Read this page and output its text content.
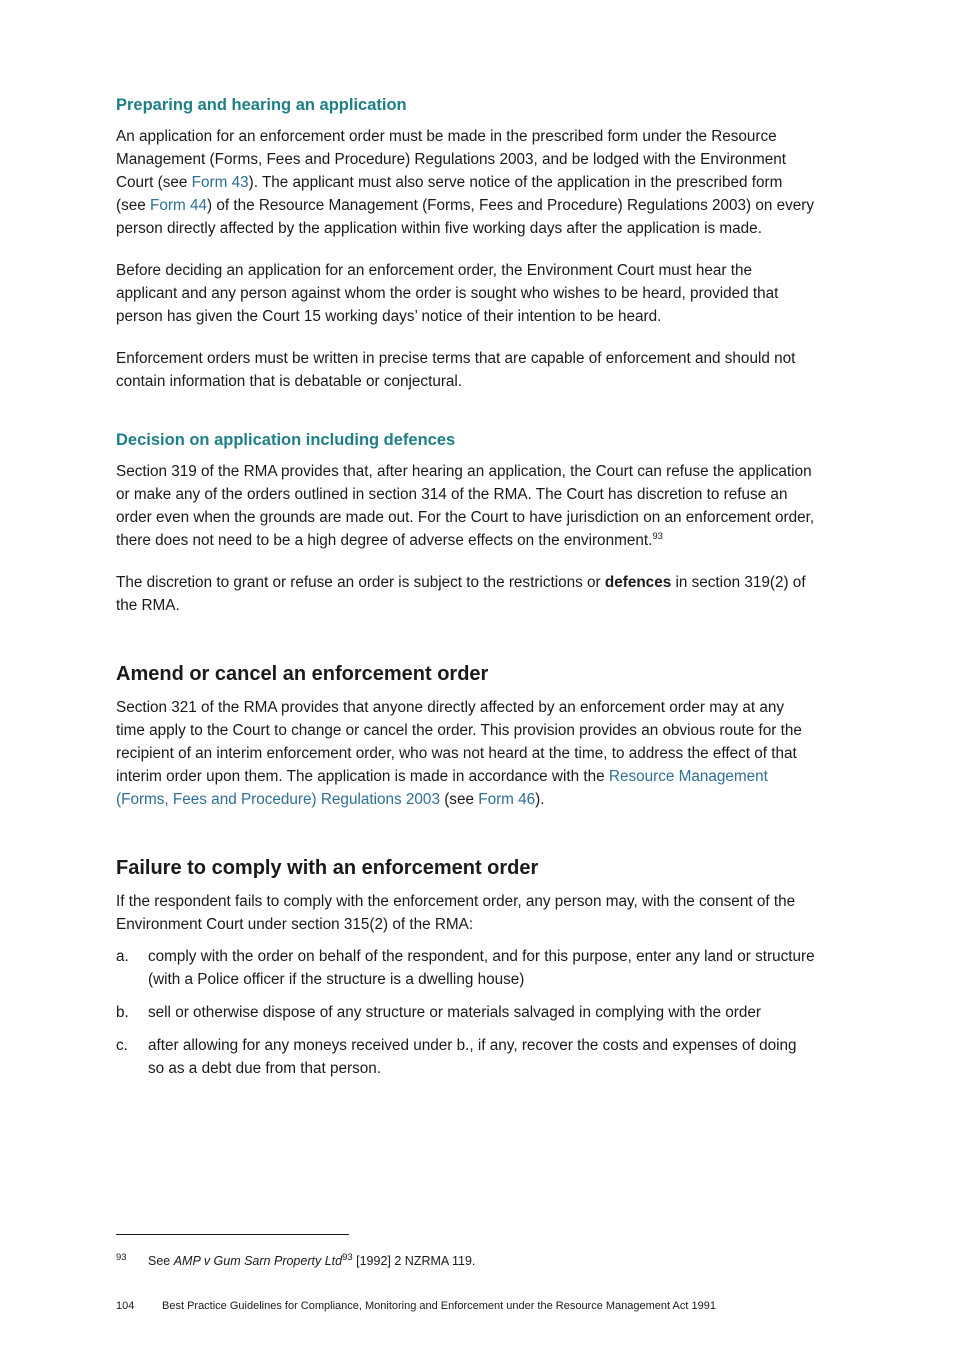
Preparing and hearing an application

An application for an enforcement order must be made in the prescribed form under the Resource Management (Forms, Fees and Procedure) Regulations 2003, and be lodged with the Environment Court (see Form 43). The applicant must also serve notice of the application in the prescribed form (see Form 44) of the Resource Management (Forms, Fees and Procedure) Regulations 2003) on every person directly affected by the application within five working days after the application is made.

Before deciding an application for an enforcement order, the Environment Court must hear the applicant and any person against whom the order is sought who wishes to be heard, provided that person has given the Court 15 working days’ notice of their intention to be heard.

Enforcement orders must be written in precise terms that are capable of enforcement and should not contain information that is debatable or conjectural.

Decision on application including defences

Section 319 of the RMA provides that, after hearing an application, the Court can refuse the application or make any of the orders outlined in section 314 of the RMA. The Court has discretion to refuse an order even when the grounds are made out. For the Court to have jurisdiction on an enforcement order, there does not need to be a high degree of adverse effects on the environment.$^{93}$

The discretion to grant or refuse an order is subject to the restrictions or defences in section 319(2) of the RMA.

Amend or cancel an enforcement order

Section 321 of the RMA provides that anyone directly affected by an enforcement order may at any time apply to the Court to change or cancel the order. This provision provides an obvious route for the recipient of an interim enforcement order, who was not heard at the time, to address the effect of that interim order upon them. The application is made in accordance with the Resource Management (Forms, Fees and Procedure) Regulations 2003 (see Form 46).

Failure to comply with an enforcement order

If the respondent fails to comply with the enforcement order, any person may, with the consent of the Environment Court under section 315(2) of the RMA:

a. comply with the order on behalf of the respondent, and for this purpose, enter any land or structure (with a Police officer if the structure is a dwelling house)
b. sell or otherwise dispose of any structure or materials salvaged in complying with the order
c. after allowing for any moneys received under b., if any, recover the costs and expenses of doing so as a debt due from that person.
93 See AMP v Gum Sarn Property Ltd$^{93}$ [1992] 2 NZRMA 119.
104	Best Practice Guidelines for Compliance, Monitoring and Enforcement under the Resource Management Act 1991
